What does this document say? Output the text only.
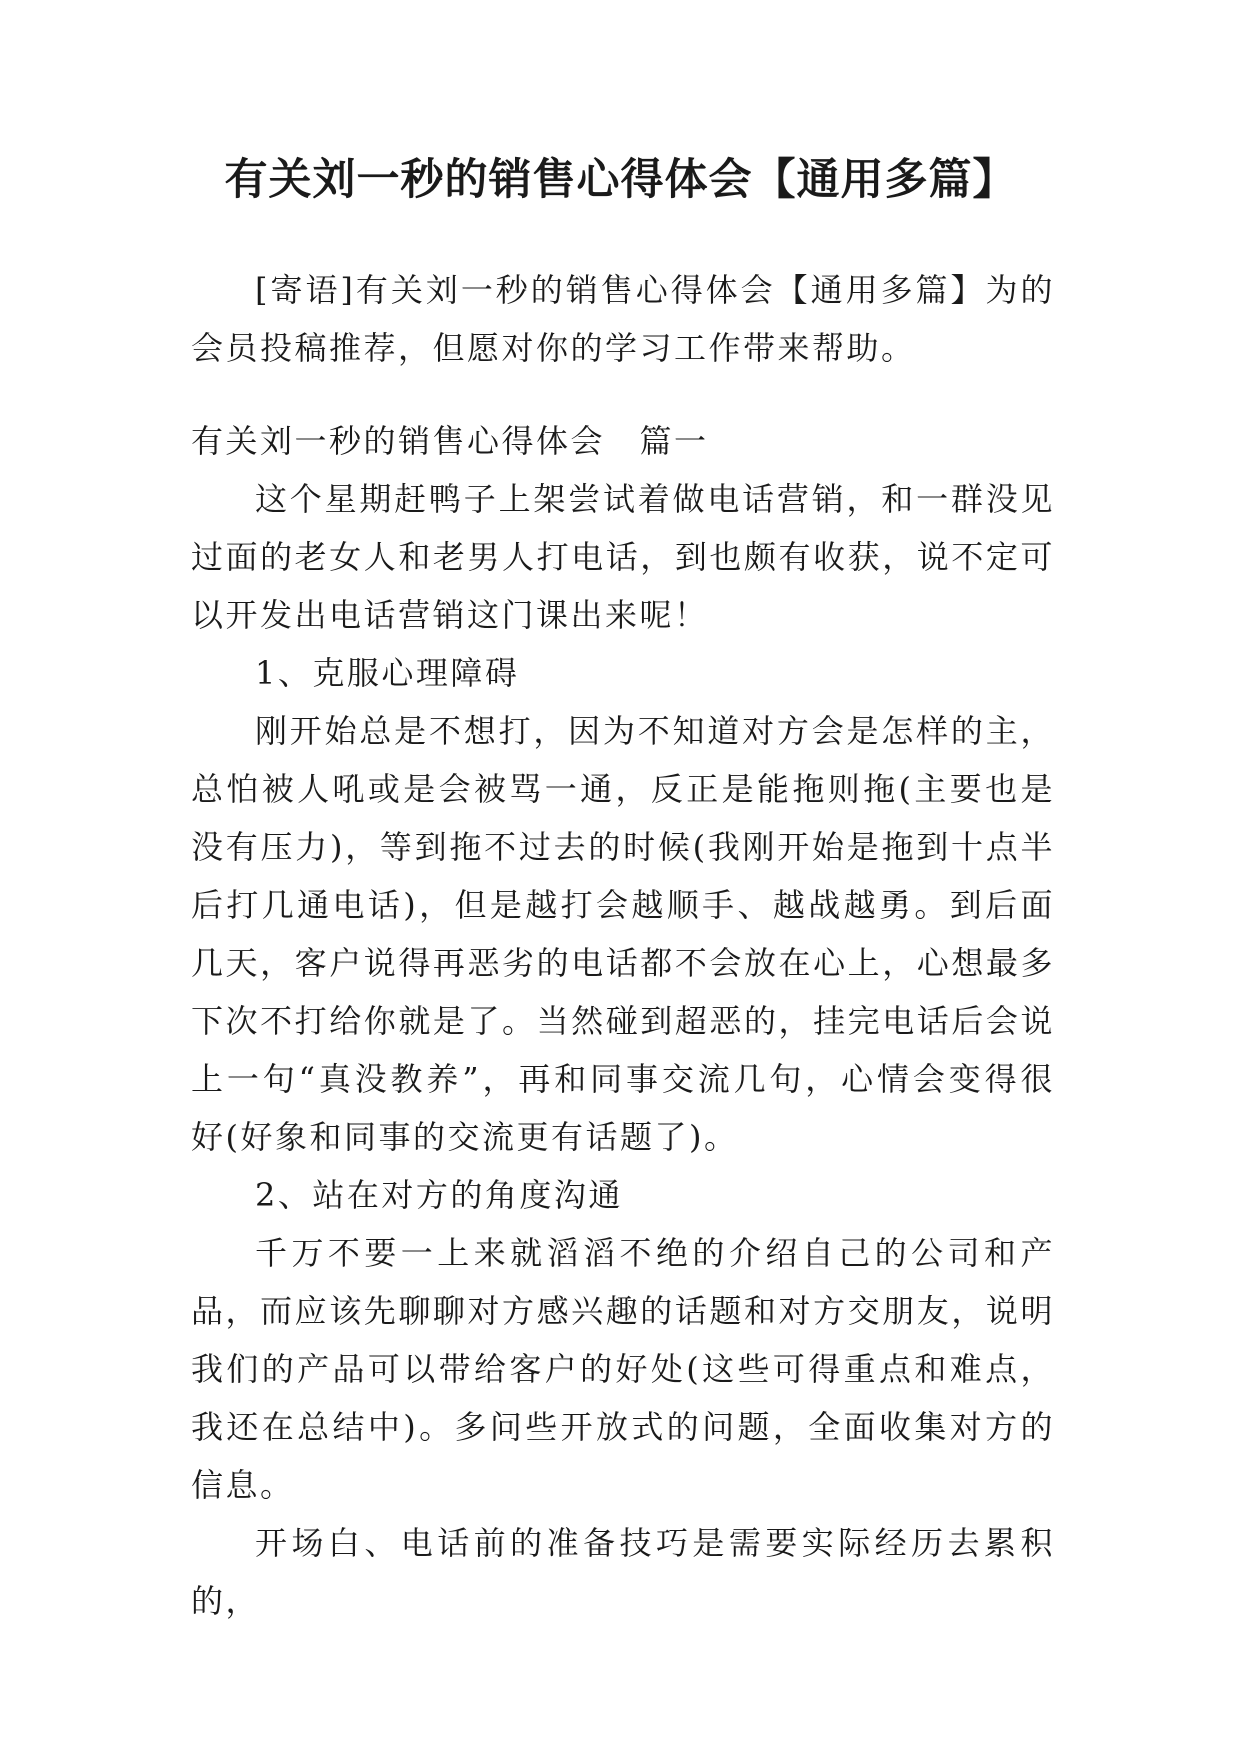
有关刘一秒的销售心得体会【通用多篇】

[寄语]有关刘一秒的销售心得体会【通用多篇】为的会员投稿推荐，但愿对你的学习工作带来帮助。

有关刘一秒的销售心得体会　篇一

这个星期赶鸭子上架尝试着做电话营销，和一群没见过面的老女人和老男人打电话，到也颇有收获，说不定可以开发出电话营销这门课出来呢！

1、克服心理障碍

刚开始总是不想打，因为不知道对方会是怎样的主，总怕被人吼或是会被骂一通，反正是能拖则拖(主要也是没有压力)，等到拖不过去的时候(我刚开始是拖到十点半后打几通电话)，但是越打会越顺手、越战越勇。到后面几天，客户说得再恶劣的电话都不会放在心上，心想最多下次不打给你就是了。当然碰到超恶的，挂完电话后会说上一句“真没教养”，再和同事交流几句，心情会变得很好(好象和同事的交流更有话题了)。

2、站在对方的角度沟通

千万不要一上来就滔滔不绝的介绍自己的公司和产品，而应该先聊聊对方感兴趣的话题和对方交朋友，说明我们的产品可以带给客户的好处(这些可得重点和难点，我还在总结中)。多问些开放式的问题，全面收集对方的信息。

开场白、电话前的准备技巧是需要实际经历去累积的，
